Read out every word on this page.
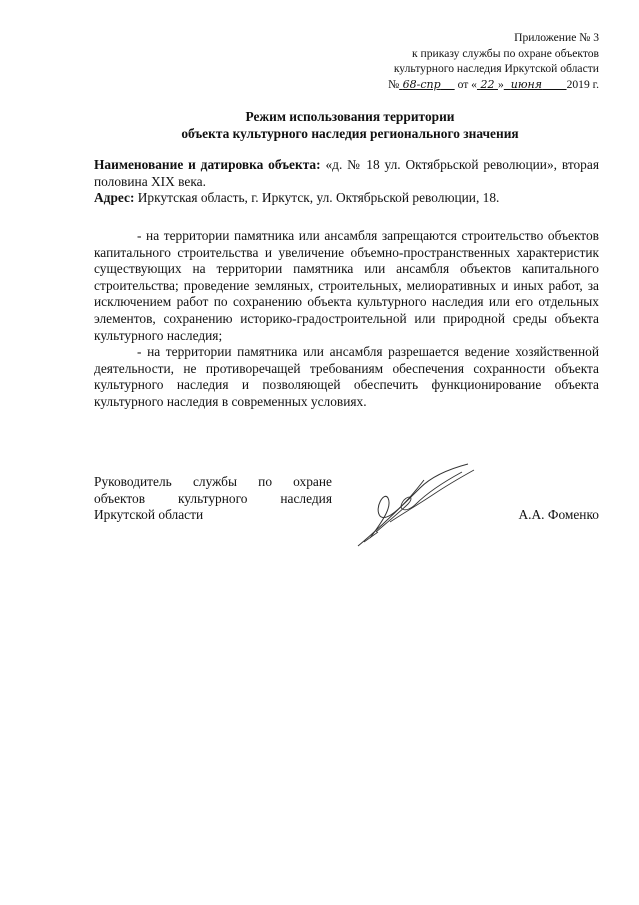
Приложение № 3
к приказу службы по охране объектов
культурного наследия Иркутской области
№ 68-спр от « 22 » июня 2019 г.
Режим использования территории
объекта культурного наследия регионального значения

Наименование и датировка объекта: «д. № 18 ул. Октябрьской революции», вторая половина XIX века.

Адрес: Иркутская область, г. Иркутск, ул. Октябрьской революции, 18.

- на территории памятника или ансамбля запрещаются строительство объектов капитального строительства и увеличение объемно-пространственных характеристик существующих на территории памятника или ансамбля объектов капитального строительства; проведение земляных, строительных, мелиоративных и иных работ, за исключением работ по сохранению объекта культурного наследия или его отдельных элементов, сохранению историко-градостроительной или природной среды объекта культурного наследия;

- на территории памятника или ансамбля разрешается ведение хозяйственной деятельности, не противоречащей требованиям обеспечения сохранности объекта культурного наследия и позволяющей обеспечить функционирование объекта культурного наследия в современных условиях.

Руководитель службы по охране объектов культурного наследия Иркутской области	А.А. Фоменко
